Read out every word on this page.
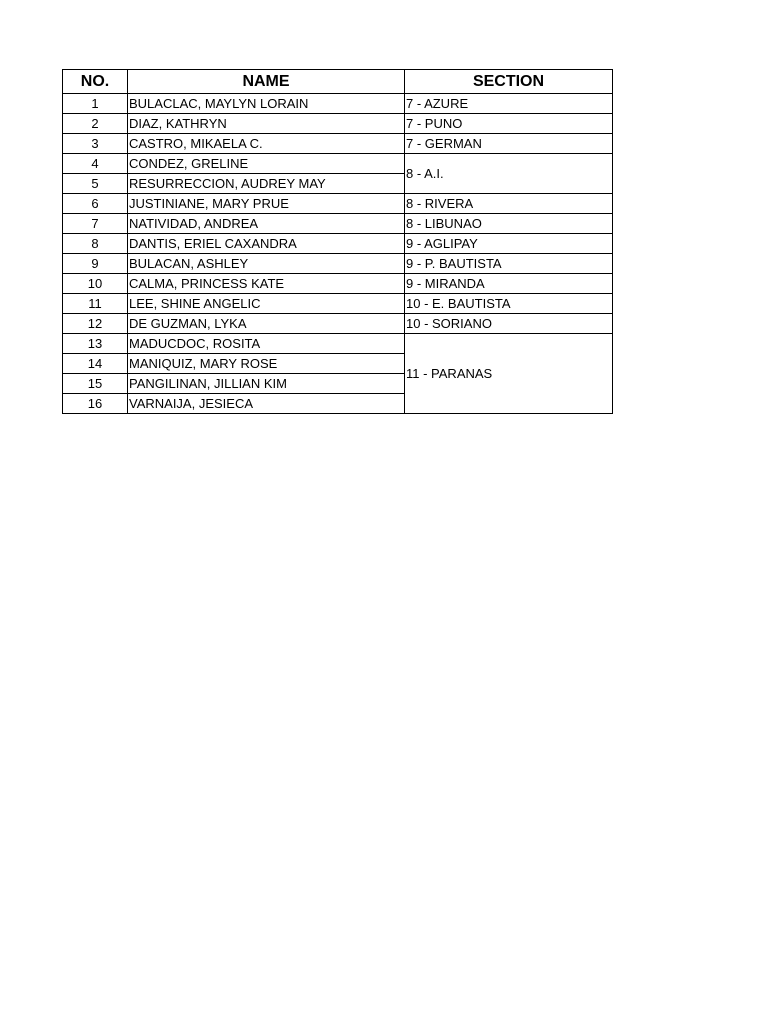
NO.	NAME	SECTION
1	BULACLAC, MAYLYN LORAIN	7 - AZURE
2	DIAZ, KATHRYN	7 - PUNO
3	CASTRO, MIKAELA C.	7 - GERMAN
4	CONDEZ, GRELINE	8 - A.I.
5	RESURRECCION, AUDREY MAY	
6	JUSTINIANE, MARY PRUE	8 - RIVERA
7	NATIVIDAD, ANDREA	8 - LIBUNAO
8	DANTIS, ERIEL CAXANDRA	9 - AGLIPAY
9	BULACAN, ASHLEY	9 - P. BAUTISTA
10	CALMA, PRINCESS KATE	9 - MIRANDA
11	LEE, SHINE ANGELIC	10 - E. BAUTISTA
12	DE GUZMAN, LYKA	10 - SORIANO
13	MADUCDOC, ROSITA	11 - PARANAS
14	MANIQUIZ, MARY ROSE	
15	PANGILINAN, JILLIAN KIM	
16	VARNAIJA, JESIECA	
